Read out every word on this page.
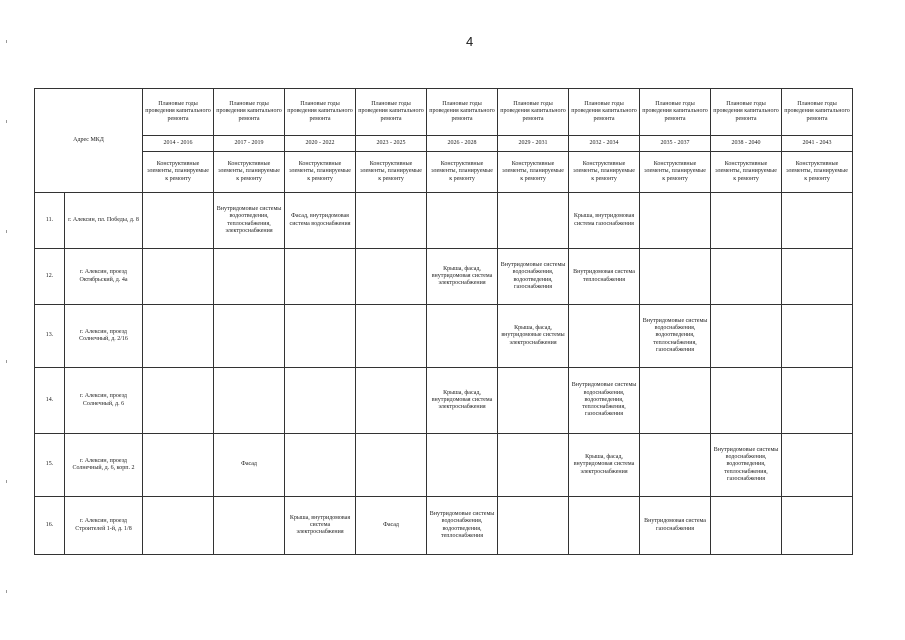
4
Адрес МКД		Плановые годы проведения капитального ремонта	Плановые годы проведения капитального ремонта	Плановые годы проведения капитального ремонта	Плановые годы проведения капитального ремонта	Плановые годы проведения капитального ремонта	Плановые годы проведения капитального ремонта	Плановые годы проведения капитального ремонта	Плановые годы проведения капитального ремонта	Плановые годы проведения капитального ремонта	Плановые годы проведения капитального ремонта
		2014 - 2016	2017 - 2019	2020 - 2022	2023 - 2025	2026 - 2028	2029 - 2031	2032 - 2034	2035 - 2037	2038 - 2040	2041 - 2043
		Конструктивные элементы, планируемые к ремонту	Конструктивные элементы, планируемые к ремонту	Конструктивные элементы, планируемые к ремонту	Конструктивные элементы, планируемые к ремонту	Конструктивные элементы, планируемые к ремонту	Конструктивные элементы, планируемые к ремонту	Конструктивные элементы, планируемые к ремонту	Конструктивные элементы, планируемые к ремонту	Конструктивные элементы, планируемые к ремонту	Конструктивные элементы, планируемые к ремонту
11.	г. Алексин, пл. Победы, д. 8		Внутридомовые системы водоотведения, теплоснабжения, электроснабжения	Фасад, внутридомовая система водоснабжения				Крыша, внутридомовая система газоснабжения			
12.	г. Алексин, проезд Октябрьский, д. 4а					Крыша, фасад, внутридомовая система электроснабжения	Внутридомовые системы водоснабжения, водоотведения, газоснабжения	Внутридомовая система теплоснабжения			
13.	г. Алексин, проезд Солнечный, д. 2/16						Крыша, фасад, внутридомовые системы электроснабжения		Внутридомовые системы водоснабжения, водоотведения, теплоснабжения, газоснабжения		
14.	г. Алексин, проезд Солнечный, д. 6					Крыша, фасад, внутридомовая система электроснабжения		Внутридомовые системы водоснабжения, водоотведения, теплоснабжения, газоснабжения			
15.	г. Алексин, проезд Солнечный, д. 6, корп. 2		Фасад					Крыша, фасад, внутридомовая система электроснабжения		Внутридомовые системы водоснабжения, водоотведения, теплоснабжения, газоснабжения	
16.	г. Алексин, проезд Строителей 1-й, д. 1/8			Крыша, внутридомовая система электроснабжения	Фасад	Внутридомовые системы водоснабжения, водоотведения, теплоснабжения			Внутридомовая система газоснабжения		
